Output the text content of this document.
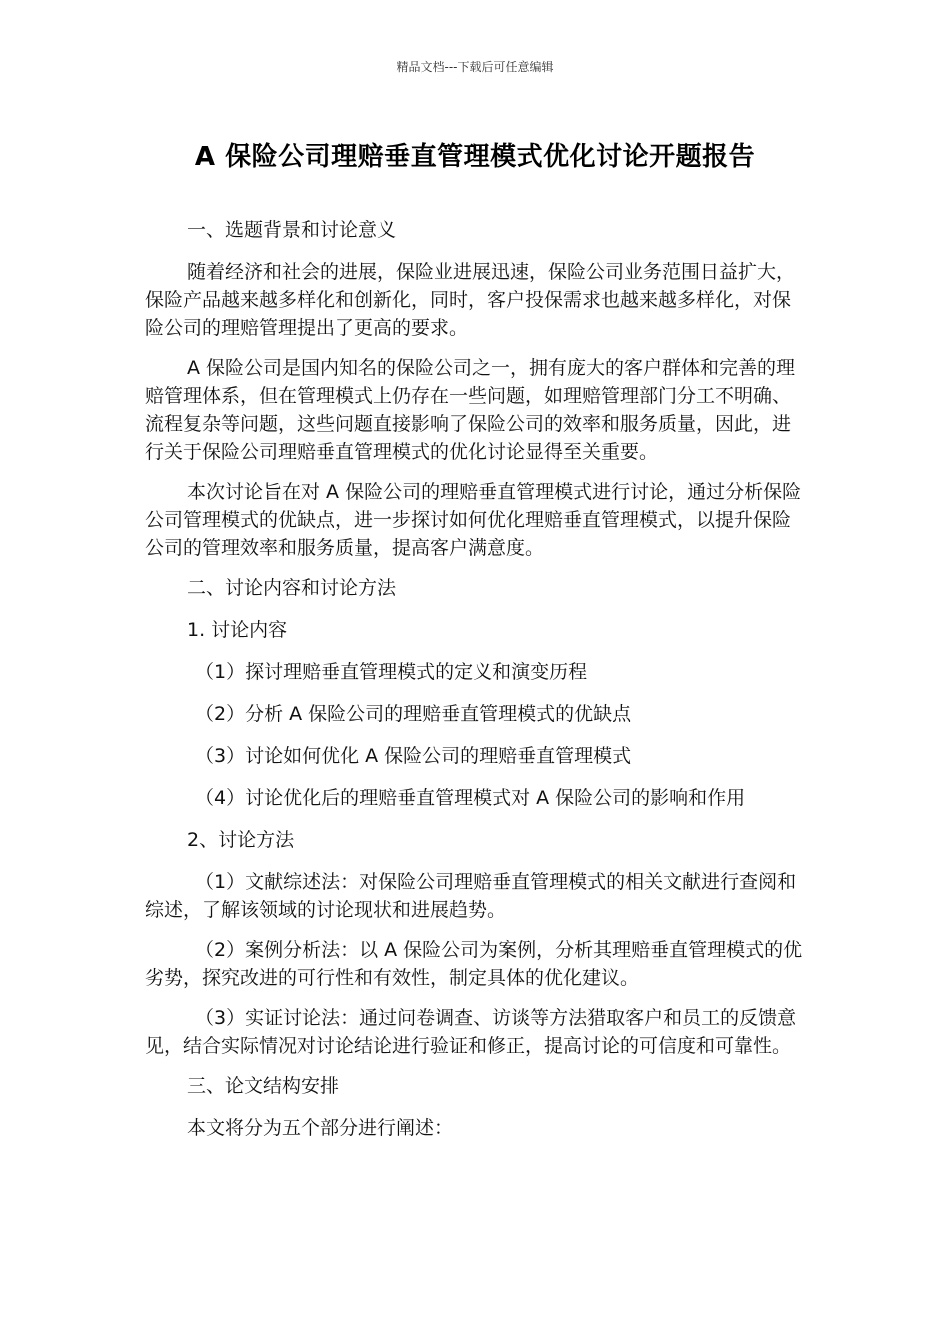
精品文档---下载后可任意编辑
A 保险公司理赔垂直管理模式优化讨论开题报告

一、选题背景和讨论意义

随着经济和社会的进展，保险业进展迅速，保险公司业务范围日益扩大，保险产品越来越多样化和创新化，同时，客户投保需求也越来越多样化，对保险公司的理赔管理提出了更高的要求。

A 保险公司是国内知名的保险公司之一，拥有庞大的客户群体和完善的理赔管理体系，但在管理模式上仍存在一些问题，如理赔管理部门分工不明确、流程复杂等问题，这些问题直接影响了保险公司的效率和服务质量，因此，进行关于保险公司理赔垂直管理模式的优化讨论显得至关重要。

本次讨论旨在对 A 保险公司的理赔垂直管理模式进行讨论，通过分析保险公司管理模式的优缺点，进一步探讨如何优化理赔垂直管理模式，以提升保险公司的管理效率和服务质量，提高客户满意度。

二、讨论内容和讨论方法

1. 讨论内容

（1）探讨理赔垂直管理模式的定义和演变历程

（2）分析 A 保险公司的理赔垂直管理模式的优缺点

（3）讨论如何优化 A 保险公司的理赔垂直管理模式

（4）讨论优化后的理赔垂直管理模式对 A 保险公司的影响和作用

2、讨论方法

（1）文献综述法：对保险公司理赔垂直管理模式的相关文献进行查阅和综述，了解该领域的讨论现状和进展趋势。

（2）案例分析法：以 A 保险公司为案例，分析其理赔垂直管理模式的优劣势，探究改进的可行性和有效性，制定具体的优化建议。

（3）实证讨论法：通过问卷调查、访谈等方法猎取客户和员工的反馈意见，结合实际情况对讨论结论进行验证和修正，提高讨论的可信度和可靠性。

三、论文结构安排

本文将分为五个部分进行阐述：
